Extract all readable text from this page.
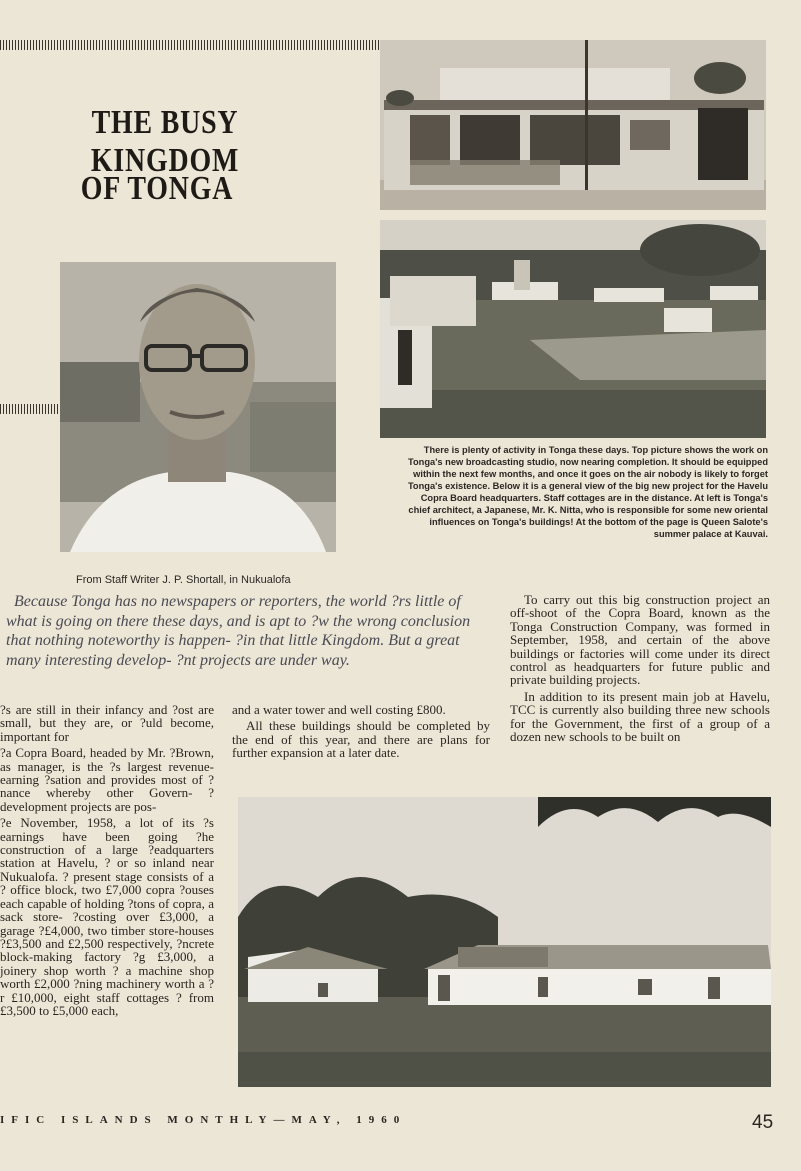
THE BUSY KINGDOM
OF TONGA
There is plenty of activity in Tonga these days. Top picture shows the work on Tonga's new broadcasting studio, now nearing completion. It should be equipped within the next few months, and once it goes on the air nobody is likely to forget Tonga's existence. Below it is a general view of the big new project for the Havelu Copra Board headquarters. Staff cottages are in the distance. At left is Tonga's chief architect, a Japanese, Mr. K. Nitta, who is responsible for some new oriental influences on Tonga's buildings! At the bottom of the page is Queen Salote's summer palace at Kauvai.
From Staff Writer J. P. Shortall, in Nukualofa
Because Tonga has no newspapers or reporters, the world ?rs little of what is going on there these days, and is apt to ?w the wrong conclusion that nothing noteworthy is happen- ?in that little Kingdom. But a great many interesting develop- ?nt projects are under way.

?s are still in their infancy and ?ost are small, but they are, or ?uld become, important for

?a Copra Board, headed by Mr. ?Brown, as manager, is the ?s largest revenue-earning ?sation and provides most of ?nance whereby other Govern- ?development projects are pos-

?e November, 1958, a lot of its ?s earnings have been going ?he construction of a large ?eadquarters station at Havelu, ? or so inland near Nukualofa. ? present stage consists of a ? office block, two £7,000 copra ?ouses each capable of holding ?tons of copra, a sack store- ?costing over £3,000, a garage ?£4,000, two timber store-houses ?£3,500 and £2,500 respectively, ?ncrete block-making factory ?g £3,000, a joinery shop worth ? a machine shop worth £2,000 ?ning machinery worth a ?r £10,000, eight staff cottages ? from £3,500 to £5,000 each,

and a water tower and well costing £800.

All these buildings should be completed by the end of this year, and there are plans for further expansion at a later date.

To carry out this big construction project an off-shoot of the Copra Board, known as the Tonga Construction Company, was formed in September, 1958, and certain of the above buildings or factories will come under its direct control as headquarters for future public and private building projects.

In addition to its present main job at Havelu, TCC is currently also building three new schools for the Government, the first of a group of a dozen new schools to be built on

IFIC ISLANDS MONTHLY—MAY, 1960	45
